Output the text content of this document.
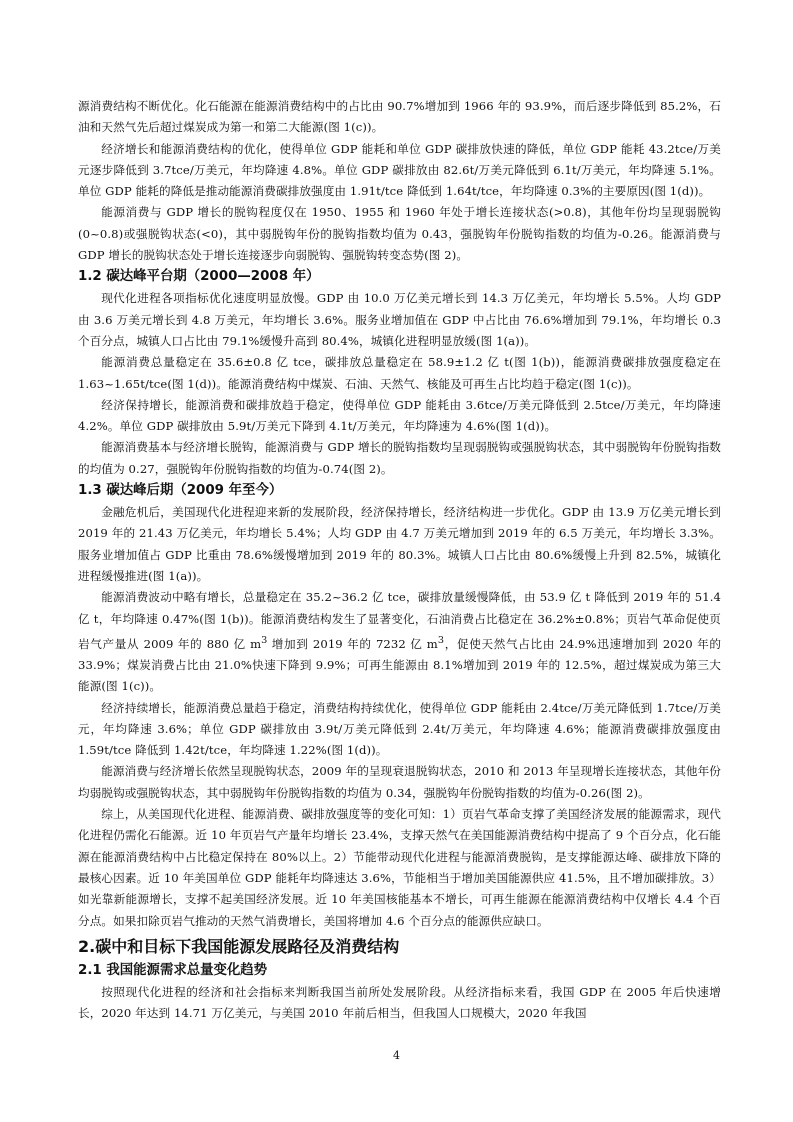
源消费结构不断优化。化石能源在能源消费结构中的占比由 90.7%增加到 1966 年的 93.9%，而后逐步降低到 85.2%，石油和天然气先后超过煤炭成为第一和第二大能源(图 1(c))。

经济增长和能源消费结构的优化，使得单位 GDP 能耗和单位 GDP 碳排放快速的降低，单位 GDP 能耗 43.2tce/万美元逐步降低到 3.7tce/万美元，年均降速 4.8%。单位 GDP 碳排放由 82.6t/万美元降低到 6.1t/万美元，年均降速 5.1%。单位 GDP 能耗的降低是推动能源消费碳排放强度由 1.91t/tce 降低到 1.64t/tce，年均降速 0.3%的主要原因(图 1(d))。

能源消费与 GDP 增长的脱钩程度仅在 1950、1955 和 1960 年处于增长连接状态(>0.8)，其他年份均呈现弱脱钩(0~0.8)或强脱钩状态(<0)，其中弱脱钩年份的脱钩指数均值为 0.43，强脱钩年份脱钩指数的均值为-0.26。能源消费与 GDP 增长的脱钩状态处于增长连接逐步向弱脱钩、强脱钩转变态势(图 2)。

1.2 碳达峰平台期（2000—2008 年）

现代化进程各项指标优化速度明显放慢。GDP 由 10.0 万亿美元增长到 14.3 万亿美元，年均增长 5.5%。人均 GDP 由 3.6 万美元增长到 4.8 万美元，年均增长 3.6%。服务业增加值在 GDP 中占比由 76.6%增加到 79.1%，年均增长 0.3 个百分点，城镇人口占比由 79.1%缓慢升高到 80.4%，城镇化进程明显放缓(图 1(a))。

能源消费总量稳定在 35.6±0.8 亿 tce，碳排放总量稳定在 58.9±1.2 亿 t(图 1(b))，能源消费碳排放强度稳定在 1.63~1.65t/tce(图 1(d))。能源消费结构中煤炭、石油、天然气、核能及可再生占比均趋于稳定(图 1(c))。

经济保持增长，能源消费和碳排放趋于稳定，使得单位 GDP 能耗由 3.6tce/万美元降低到 2.5tce/万美元，年均降速 4.2%。单位 GDP 碳排放由 5.9t/万美元下降到 4.1t/万美元，年均降速为 4.6%(图 1(d))。

能源消费基本与经济增长脱钩，能源消费与 GDP 增长的脱钩指数均呈现弱脱钩或强脱钩状态，其中弱脱钩年份脱钩指数的均值为 0.27，强脱钩年份脱钩指数的均值为-0.74(图 2)。

1.3 碳达峰后期（2009 年至今）

金融危机后，美国现代化进程迎来新的发展阶段，经济保持增长，经济结构进一步优化。GDP 由 13.9 万亿美元增长到 2019 年的 21.43 万亿美元，年均增长 5.4%；人均 GDP 由 4.7 万美元增加到 2019 年的 6.5 万美元，年均增长 3.3%。服务业增加值占 GDP 比重由 78.6%缓慢增加到 2019 年的 80.3%。城镇人口占比由 80.6%缓慢上升到 82.5%，城镇化进程缓慢推进(图 1(a))。

能源消费波动中略有增长，总量稳定在 35.2~36.2 亿 tce，碳排放量缓慢降低，由 53.9 亿 t 降低到 2019 年的 51.4 亿 t，年均降速 0.47%(图 1(b))。能源消费结构发生了显著变化，石油消费占比稳定在 36.2%±0.8%；页岩气革命促使页岩气产量从 2009 年的 880 亿 $m^3$ 增加到 2019 年的 7232 亿 $m^3$，促使天然气占比由 24.9%迅速增加到 2020 年的 33.9%；煤炭消费占比由 21.0%快速下降到 9.9%；可再生能源由 8.1%增加到 2019 年的 12.5%，超过煤炭成为第三大能源(图 1(c))。

经济持续增长，能源消费总量趋于稳定，消费结构持续优化，使得单位 GDP 能耗由 2.4tce/万美元降低到 1.7tce/万美元，年均降速 3.6%；单位 GDP 碳排放由 3.9t/万美元降低到 2.4t/万美元，年均降速 4.6%；能源消费碳排放强度由 1.59t/tce 降低到 1.42t/tce，年均降速 1.22%(图 1(d))。

能源消费与经济增长依然呈现脱钩状态，2009 年的呈现衰退脱钩状态，2010 和 2013 年呈现增长连接状态，其他年份均弱脱钩或强脱钩状态，其中弱脱钩年份脱钩指数的均值为 0.34，强脱钩年份脱钩指数的均值为-0.26(图 2)。

综上，从美国现代化进程、能源消费、碳排放强度等的变化可知：1）页岩气革命支撑了美国经济发展的能源需求，现代化进程仍需化石能源。近 10 年页岩气产量年均增长 23.4%，支撑天然气在美国能源消费结构中提高了 9 个百分点，化石能源在能源消费结构中占比稳定保持在 80%以上。2）节能带动现代化进程与能源消费脱钩，是支撑能源达峰、碳排放下降的最核心因素。近 10 年美国单位 GDP 能耗年均降速达 3.6%，节能相当于增加美国能源供应 41.5%，且不增加碳排放。3）如光靠新能源增长，支撑不起美国经济发展。近 10 年美国核能基本不增长，可再生能源在能源消费结构中仅增长 4.4 个百分点。如果扣除页岩气推动的天然气消费增长，美国将增加 4.6 个百分点的能源供应缺口。

2.碳中和目标下我国能源发展路径及消费结构
2.1 我国能源需求总量变化趋势

按照现代化进程的经济和社会指标来判断我国当前所处发展阶段。从经济指标来看，我国 GDP 在 2005 年后快速增长，2020 年达到 14.71 万亿美元，与美国 2010 年前后相当，但我国人口规模大，2020 年我国

4
